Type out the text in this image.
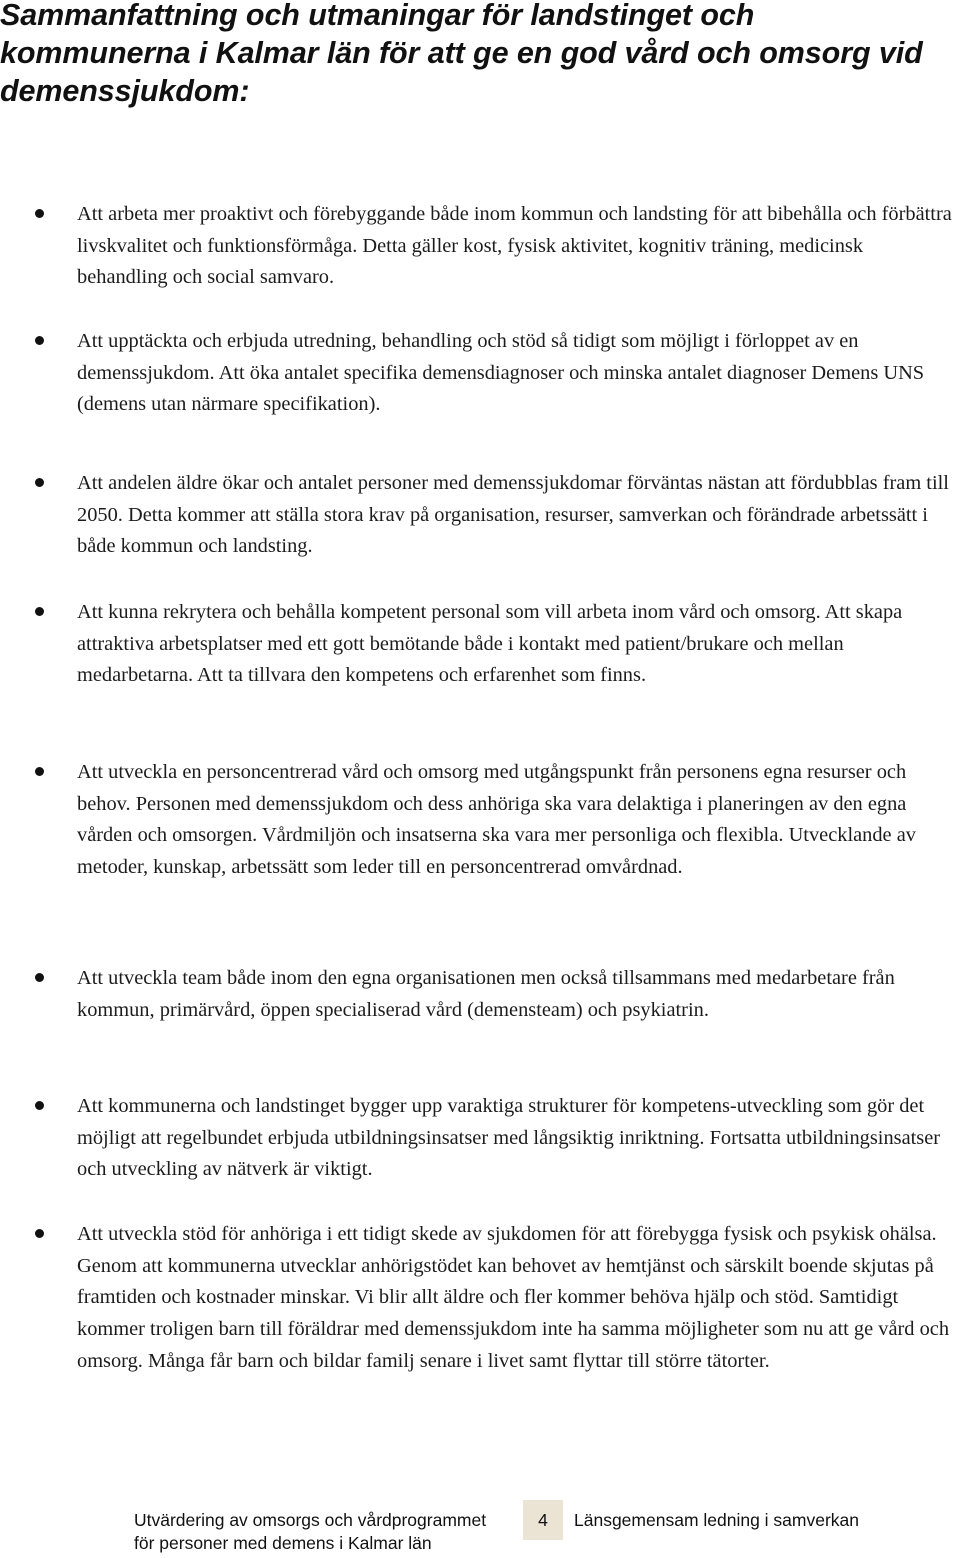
Sammanfattning och utmaningar för landstinget och kommunerna i Kalmar län för att ge en god vård och omsorg vid demenssjukdom:
Att arbeta mer proaktivt och förebyggande både inom kommun och landsting för att bibehålla och förbättra livskvalitet och funktionsförmåga. Detta gäller kost, fysisk aktivitet, kognitiv träning, medicinsk behandling och social samvaro.
Att upptäckta och erbjuda utredning, behandling och stöd så tidigt som möjligt i förloppet av en demenssjukdom. Att öka antalet specifika demensdiagnoser och minska antalet diagnoser Demens UNS (demens utan närmare specifikation).
Att andelen äldre ökar och antalet personer med demenssjukdomar förväntas nästan att fördubblas fram till 2050. Detta kommer att ställa stora krav på organisation, resurser, samverkan och förändrade arbetssätt i både kommun och landsting.
Att kunna rekrytera och behålla kompetent personal som vill arbeta inom vård och omsorg. Att skapa attraktiva arbetsplatser med ett gott bemötande både i kontakt med patient/brukare och mellan medarbetarna. Att ta tillvara den kompetens och erfarenhet som finns.
Att utveckla en personcentrerad vård och omsorg med utgångspunkt från personens egna resurser och behov. Personen med demenssjukdom och dess anhöriga ska vara delaktiga i planeringen av den egna vården och omsorgen. Vårdmiljön och insatserna ska vara mer personliga och flexibla. Utvecklande av metoder, kunskap, arbetssätt som leder till en personcentrerad omvårdnad.
Att utveckla team både inom den egna organisationen men också tillsammans med medarbetare från kommun, primärvård, öppen specialiserad vård (demensteam) och psykiatrin.
Att kommunerna och landstinget bygger upp varaktiga strukturer för kompetens-utveckling som gör det möjligt att regelbundet erbjuda utbildningsinsatser med långsiktig inriktning. Fortsatta utbildningsinsatser och utveckling av nätverk är viktigt.
Att utveckla stöd för anhöriga i ett tidigt skede av sjukdomen för att förebygga fysisk och psykisk ohälsa. Genom att kommunerna utvecklar anhörigstödet kan behovet av hemtjänst och särskilt boende skjutas på framtiden och kostnader minskar. Vi blir allt äldre och fler kommer behöva hjälp och stöd. Samtidigt kommer troligen barn till föräldrar med demenssjukdom inte ha samma möjligheter som nu att ge vård och omsorg. Många får barn och bildar familj senare i livet samt flyttar till större tätorter.
Utvärdering av omsorgs och vårdprogrammet
för personer med demens i Kalmar län
4	Länsgemensam ledning i samverkan
